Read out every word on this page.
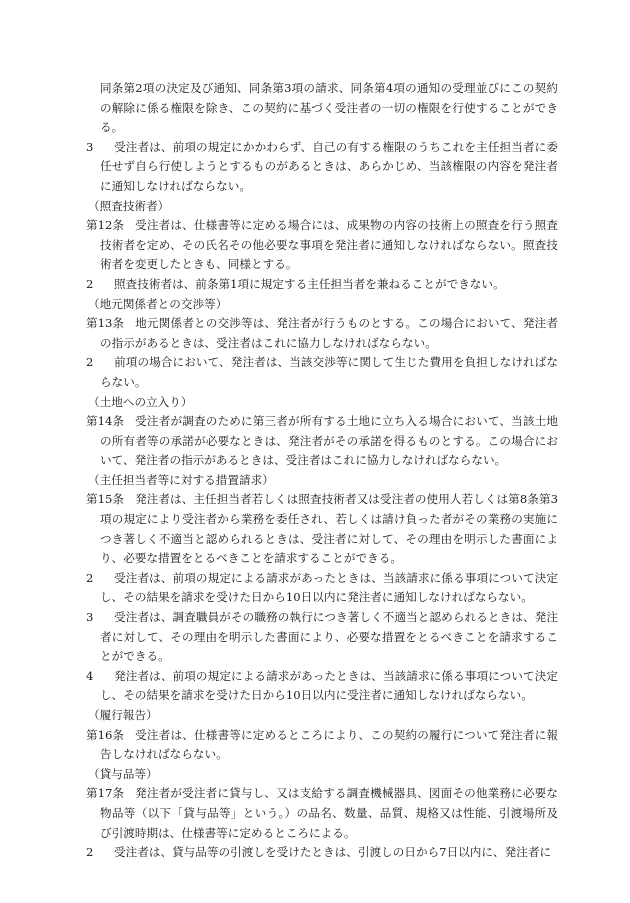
同条第2項の決定及び通知、同条第3項の請求、同条第4項の通知の受理並びにこの契約の解除に係る権限を除き、この契約に基づく受注者の一切の権限を行使することができる。

3 受注者は、前項の規定にかかわらず、自己の有する権限のうちこれを主任担当者に委任せず自ら行使しようとするものがあるときは、あらかじめ、当該権限の内容を発注者に通知しなければならない。

（照査技術者）

第12条 受注者は、仕様書等に定める場合には、成果物の内容の技術上の照査を行う照査技術者を定め、その氏名その他必要な事項を発注者に通知しなければならない。照査技術者を変更したときも、同様とする。

2 照査技術者は、前条第1項に規定する主任担当者を兼ねることができない。

（地元関係者との交渉等）

第13条 地元関係者との交渉等は、発注者が行うものとする。この場合において、発注者の指示があるときは、受注者はこれに協力しなければならない。

2 前項の場合において、発注者は、当該交渉等に関して生じた費用を負担しなければならない。

（土地への立入り）

第14条 受注者が調査のために第三者が所有する土地に立ち入る場合において、当該土地の所有者等の承諾が必要なときは、発注者がその承諾を得るものとする。この場合において、発注者の指示があるときは、受注者はこれに協力しなければならない。

（主任担当者等に対する措置請求）

第15条 発注者は、主任担当者若しくは照査技術者又は受注者の使用人若しくは第8条第3項の規定により受注者から業務を委任され、若しくは請け負った者がその業務の実施につき著しく不適当と認められるときは、受注者に対して、その理由を明示した書面により、必要な措置をとるべきことを請求することができる。

2 受注者は、前項の規定による請求があったときは、当該請求に係る事項について決定し、その結果を請求を受けた日から10日以内に発注者に通知しなければならない。

3 受注者は、調査職員がその職務の執行につき著しく不適当と認められるときは、発注者に対して、その理由を明示した書面により、必要な措置をとるべきことを請求することができる。

4 発注者は、前項の規定による請求があったときは、当該請求に係る事項について決定し、その結果を請求を受けた日から10日以内に受注者に通知しなければならない。

（履行報告）

第16条 受注者は、仕様書等に定めるところにより、この契約の履行について発注者に報告しなければならない。

（貸与品等）

第17条 発注者が受注者に貸与し、又は支給する調査機械器具、図面その他業務に必要な物品等（以下「貸与品等」という。）の品名、数量、品質、規格又は性能、引渡場所及び引渡時期は、仕様書等に定めるところによる。

2 受注者は、貸与品等の引渡しを受けたときは、引渡しの日から7日以内に、発注者に
